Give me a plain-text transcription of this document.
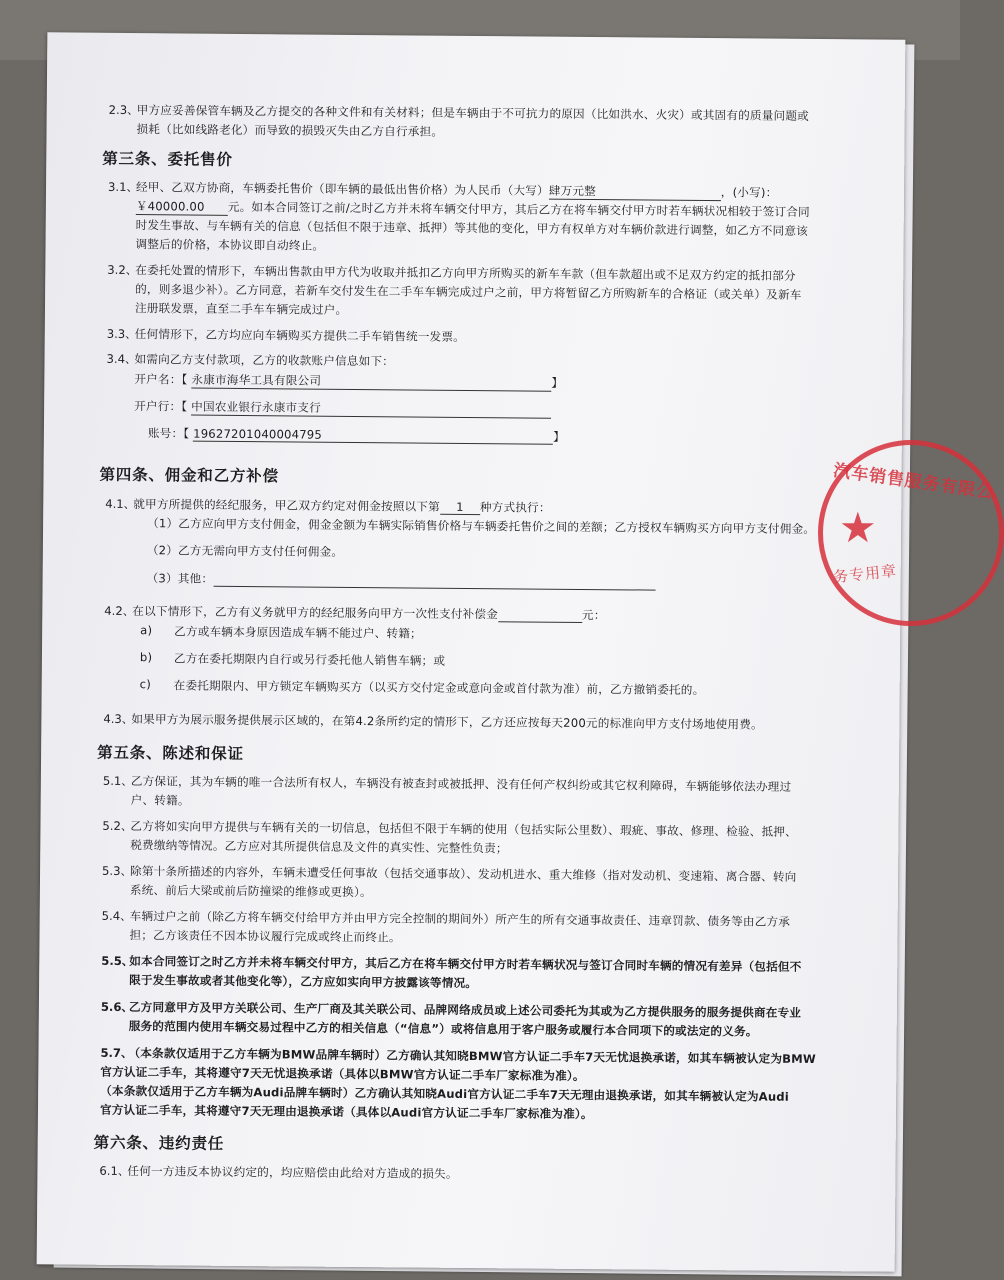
2.3、
甲方应妥善保管车辆及乙方提交的各种文件和有关材料；但是车辆由于不可抗力的原因（比如洪水、火灾）或其固有的质量问题或
损耗（比如线路老化）而导致的损毁灭失由乙方自行承担。
第三条、委托售价
3.1、
经甲、乙双方协商，车辆委托售价（即车辆的最低出售价格）为人民币（大写）肆万元整	，(小写)：
￥40000.00 元。如本合同签订之前/之时乙方并未将车辆交付甲方，其后乙方在将车辆交付甲方时若车辆状况相较于签订合同
时发生事故、与车辆有关的信息（包括但不限于违章、抵押）等其他的变化，甲方有权单方对车辆价款进行调整，如乙方不同意该
调整后的价格，本协议即自动终止。
3.2、
在委托处置的情形下，车辆出售款由甲方代为收取并抵扣乙方向甲方所购买的新车车款（但车款超出或不足双方约定的抵扣部分
的，则多退少补）。乙方同意，若新车交付发生在二手车车辆完成过户之前，甲方将暂留乙方所购新车的合格证（或关单）及新车
注册联发票，直至二手车车辆完成过户。
3.3、
任何情形下，乙方均应向车辆购买方提供二手车销售统一发票。
3.4、
如需向乙方支付款项，乙方的收款账户信息如下：
开户名：【 永康市海华工具有限公司	】
开户行：【 中国农业银行永康市支行
账号：【 19627201040004795	】
第四条、佣金和乙方补偿
4.1、
就甲方所提供的经纪服务，甲乙双方约定对佣金按照以下第 1 种方式执行：
（1）乙方应向甲方支付佣金，佣金金额为车辆实际销售价格与车辆委托售价之间的差额；乙方授权车辆购买方向甲方支付佣金。
（2）乙方无需向甲方支付任何佣金。
（3）其他：
4.2、
在以下情形下，乙方有义务就甲方的经纪服务向甲方一次性支付补偿金	元：
a) 乙方或车辆本身原因造成车辆不能过户、转籍；
b) 乙方在委托期限内自行或另行委托他人销售车辆；或
c) 在委托期限内、甲方锁定车辆购买方（以买方交付定金或意向金或首付款为准）前，乙方撤销委托的。
4.3、
如果甲方为展示服务提供展示区域的，在第4.2条所约定的情形下，乙方还应按每天200元的标准向甲方支付场地使用费。
第五条、陈述和保证
5.1、
乙方保证，其为车辆的唯一合法所有权人，车辆没有被查封或被抵押、没有任何产权纠纷或其它权利障碍，车辆能够依法办理过
户、转籍。
5.2、
乙方将如实向甲方提供与车辆有关的一切信息，包括但不限于车辆的使用（包括实际公里数）、瑕疵、事故、修理、检验、抵押、
税费缴纳等情况。乙方应对其所提供信息及文件的真实性、完整性负责；
5.3、
除第十条所描述的内容外，车辆未遭受任何事故（包括交通事故）、发动机进水、重大维修（指对发动机、变速箱、离合器、转向
系统、前后大梁或前后防撞梁的维修或更换）。
5.4、
车辆过户之前（除乙方将车辆交付给甲方并由甲方完全控制的期间外）所产生的所有交通事故责任、违章罚款、债务等由乙方承
担；乙方该责任不因本协议履行完成或终止而终止。
5.5、
如本合同签订之时乙方并未将车辆交付甲方，其后乙方在将车辆交付甲方时若车辆状况与签订合同时车辆的情况有差异（包括但不
限于发生事故或者其他变化等），乙方应如实向甲方披露该等情况。
5.6、
乙方同意甲方及甲方关联公司、生产厂商及其关联公司、品牌网络成员或上述公司委托为其或为乙方提供服务的服务提供商在专业
服务的范围内使用车辆交易过程中乙方的相关信息（“信息”）或将信息用于客户服务或履行本合同项下的或法定的义务。
5.7、
（本条款仅适用于乙方车辆为BMW品牌车辆时）乙方确认其知晓BMW官方认证二手车7天无忧退换承诺，如其车辆被认定为BMW
官方认证二手车，其将遵守7天无忧退换承诺（具体以BMW官方认证二手车厂家标准为准）。
（本条款仅适用于乙方车辆为Audi品牌车辆时）乙方确认其知晓Audi官方认证二手车7天无理由退换承诺，如其车辆被认定为Audi
官方认证二手车，其将遵守7天无理由退换承诺（具体以Audi官方认证二手车厂家标准为准）。
第六条、违约责任
6.1、
任何一方违反本协议约定的，均应赔偿由此给对方造成的损失。
汽车销售服务有限公
★
务专用章
